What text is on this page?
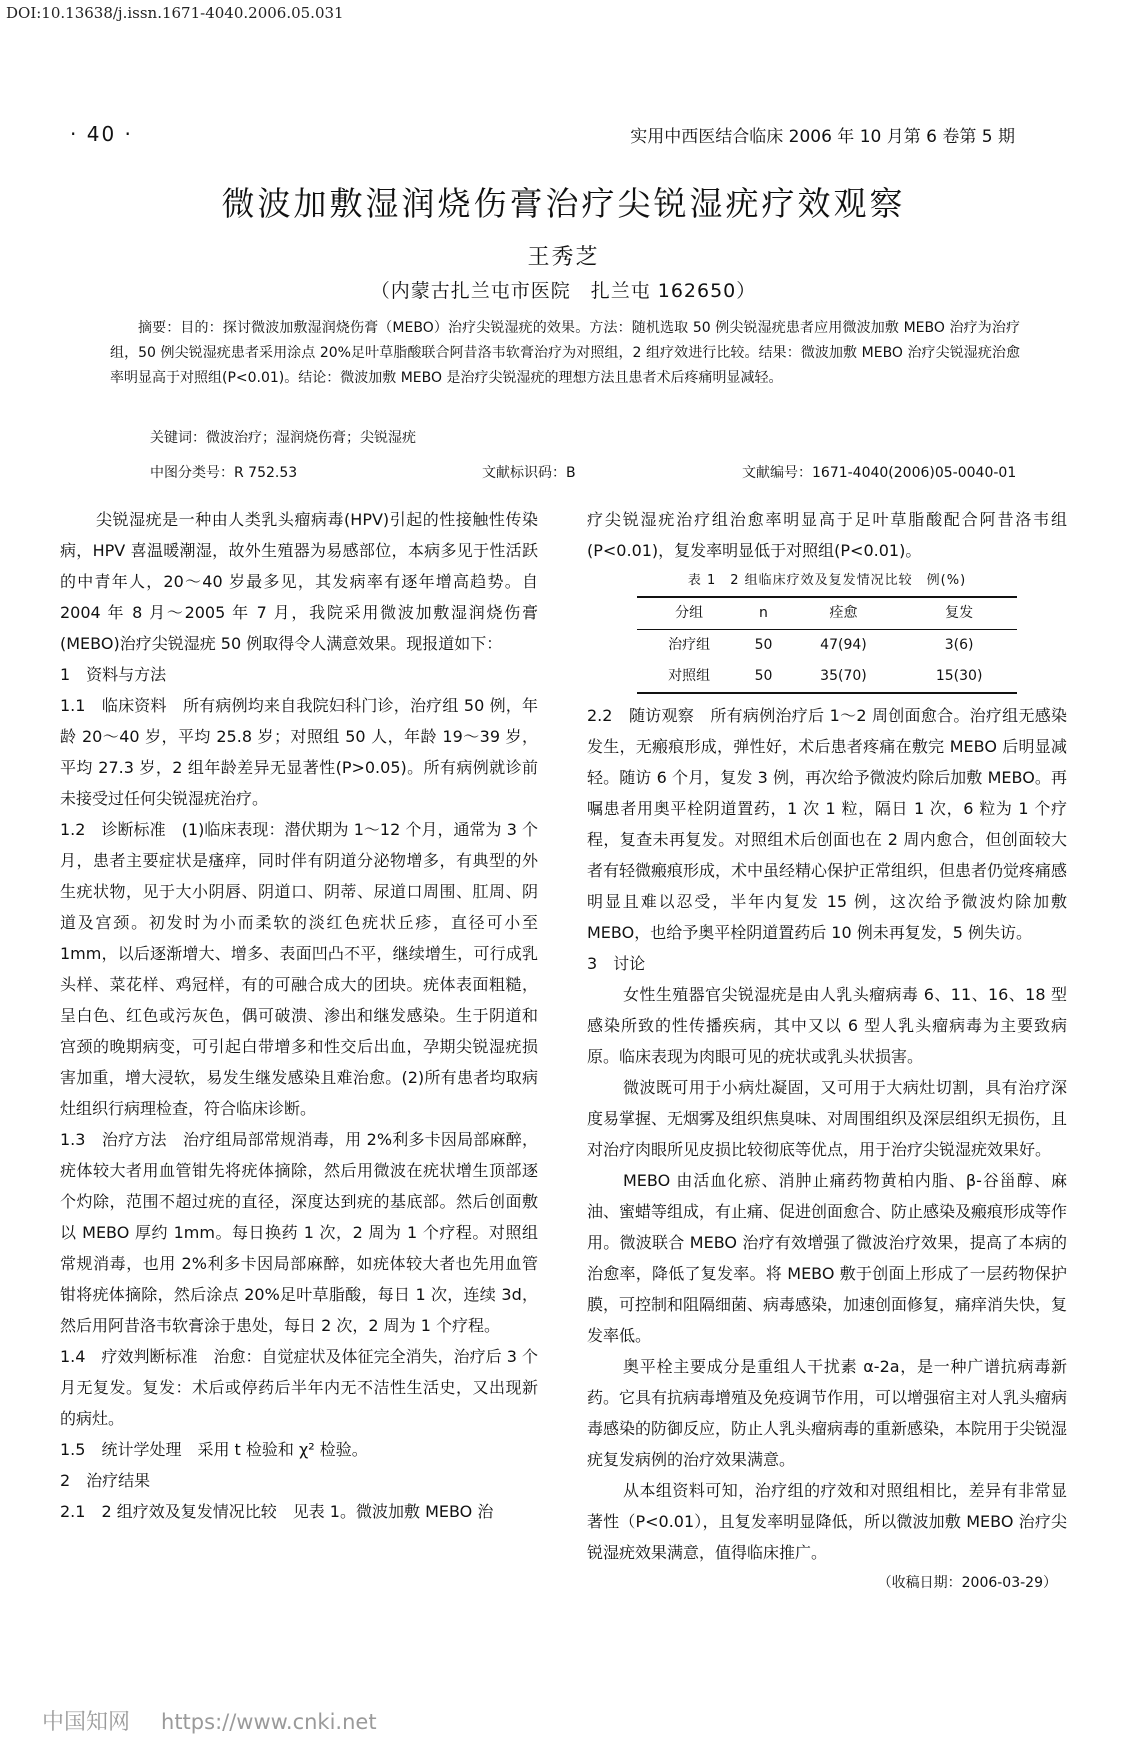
DOI:10.13638/j.issn.1671-4040.2006.05.031
· 40 ·	实用中西医结合临床 2006 年 10 月第 6 卷第 5 期
微波加敷湿润烧伤膏治疗尖锐湿疣疗效观察
王秀芝
（内蒙古扎兰屯市医院　扎兰屯 162650）
摘要：目的：探讨微波加敷湿润烧伤膏（MEBO）治疗尖锐湿疣的效果。方法：随机选取 50 例尖锐湿疣患者应用微波加敷 MEBO 治疗为治疗组，50 例尖锐湿疣患者采用涂点 20%足叶草脂酸联合阿昔洛韦软膏治疗为对照组，2 组疗效进行比较。结果：微波加敷 MEBO 治疗尖锐湿疣治愈率明显高于对照组(P<0.01)。结论：微波加敷 MEBO 是治疗尖锐湿疣的理想方法且患者术后疼痛明显减轻。
关键词：微波治疗；湿润烧伤膏；尖锐湿疣
中图分类号：R 752.53	文献标识码：B	文献编号：1671-4040(2006)05-0040-01

尖锐湿疣是一种由人类乳头瘤病毒(HPV)引起的性接触性传染病，HPV 喜温暖潮湿，故外生殖器为易感部位，本病多见于性活跃的中青年人，20～40 岁最多见，其发病率有逐年增高趋势。自 2004 年 8 月～2005 年 7 月，我院采用微波加敷湿润烧伤膏(MEBO)治疗尖锐湿疣 50 例取得令人满意效果。现报道如下：

1　资料与方法

1.1　临床资料　所有病例均来自我院妇科门诊，治疗组 50 例，年龄 20～40 岁，平均 25.8 岁；对照组 50 人，年龄 19～39 岁，平均 27.3 岁，2 组年龄差异无显著性(P>0.05)。所有病例就诊前未接受过任何尖锐湿疣治疗。

1.2　诊断标准　(1)临床表现：潜伏期为 1～12 个月，通常为 3 个月，患者主要症状是瘙痒，同时伴有阴道分泌物增多，有典型的外生疣状物，见于大小阴唇、阴道口、阴蒂、尿道口周围、肛周、阴道及宫颈。初发时为小而柔软的淡红色疣状丘疹，直径可小至 1mm，以后逐渐增大、增多、表面凹凸不平，继续增生，可行成乳头样、菜花样、鸡冠样，有的可融合成大的团块。疣体表面粗糙，呈白色、红色或污灰色，偶可破溃、渗出和继发感染。生于阴道和宫颈的晚期病变，可引起白带增多和性交后出血，孕期尖锐湿疣损害加重，增大浸软，易发生继发感染且难治愈。(2)所有患者均取病灶组织行病理检查，符合临床诊断。

1.3　治疗方法　治疗组局部常规消毒，用 2%利多卡因局部麻醉，疣体较大者用血管钳先将疣体摘除，然后用微波在疣状增生顶部逐个灼除，范围不超过疣的直径，深度达到疣的基底部。然后创面敷以 MEBO 厚约 1mm。每日换药 1 次，2 周为 1 个疗程。对照组常规消毒，也用 2%利多卡因局部麻醉，如疣体较大者也先用血管钳将疣体摘除，然后涂点 20%足叶草脂酸，每日 1 次，连续 3d，然后用阿昔洛韦软膏涂于患处，每日 2 次，2 周为 1 个疗程。

1.4　疗效判断标准　治愈：自觉症状及体征完全消失，治疗后 3 个月无复发。复发：术后或停药后半年内无不洁性生活史，又出现新的病灶。

1.5　统计学处理　采用 t 检验和 χ² 检验。

2　治疗结果

2.1　2 组疗效及复发情况比较　见表 1。微波加敷 MEBO 治

疗尖锐湿疣治疗组治愈率明显高于足叶草脂酸配合阿昔洛韦组(P<0.01)，复发率明显低于对照组(P<0.01)。

表 1　2 组临床疗效及复发情况比较　例(%)
分组	n	痊愈	复发
治疗组	50	47(94)	3(6)
对照组	50	35(70)	15(30)

2.2　随访观察　所有病例治疗后 1～2 周创面愈合。治疗组无感染发生，无瘢痕形成，弹性好，术后患者疼痛在敷完 MEBO 后明显减轻。随访 6 个月，复发 3 例，再次给予微波灼除后加敷 MEBO。再嘱患者用奥平栓阴道置药，1 次 1 粒，隔日 1 次，6 粒为 1 个疗程，复查未再复发。对照组术后创面也在 2 周内愈合，但创面较大者有轻微瘢痕形成，术中虽经精心保护正常组织，但患者仍觉疼痛感明显且难以忍受，半年内复发 15 例，这次给予微波灼除加敷 MEBO，也给予奥平栓阴道置药后 10 例未再复发，5 例失访。

3　讨论

女性生殖器官尖锐湿疣是由人乳头瘤病毒 6、11、16、18 型感染所致的性传播疾病，其中又以 6 型人乳头瘤病毒为主要致病原。临床表现为肉眼可见的疣状或乳头状损害。

微波既可用于小病灶凝固，又可用于大病灶切割，具有治疗深度易掌握、无烟雾及组织焦臭味、对周围组织及深层组织无损伤，且对治疗肉眼所见皮损比较彻底等优点，用于治疗尖锐湿疣效果好。

MEBO 由活血化瘀、消肿止痛药物黄柏内脂、β-谷甾醇、麻油、蜜蜡等组成，有止痛、促进创面愈合、防止感染及瘢痕形成等作用。微波联合 MEBO 治疗有效增强了微波治疗效果，提高了本病的治愈率，降低了复发率。将 MEBO 敷于创面上形成了一层药物保护膜，可控制和阻隔细菌、病毒感染，加速创面修复，痛痒消失快，复发率低。

奥平栓主要成分是重组人干扰素 α-2a，是一种广谱抗病毒新药。它具有抗病毒增殖及免疫调节作用，可以增强宿主对人乳头瘤病毒感染的防御反应，防止人乳头瘤病毒的重新感染，本院用于尖锐湿疣复发病例的治疗效果满意。

从本组资料可知，治疗组的疗效和对照组相比，差异有非常显著性（P<0.01），且复发率明显降低，所以微波加敷 MEBO 治疗尖锐湿疣效果满意，值得临床推广。

（收稿日期：2006-03-29）

中国知网 https://www.cnki.net
